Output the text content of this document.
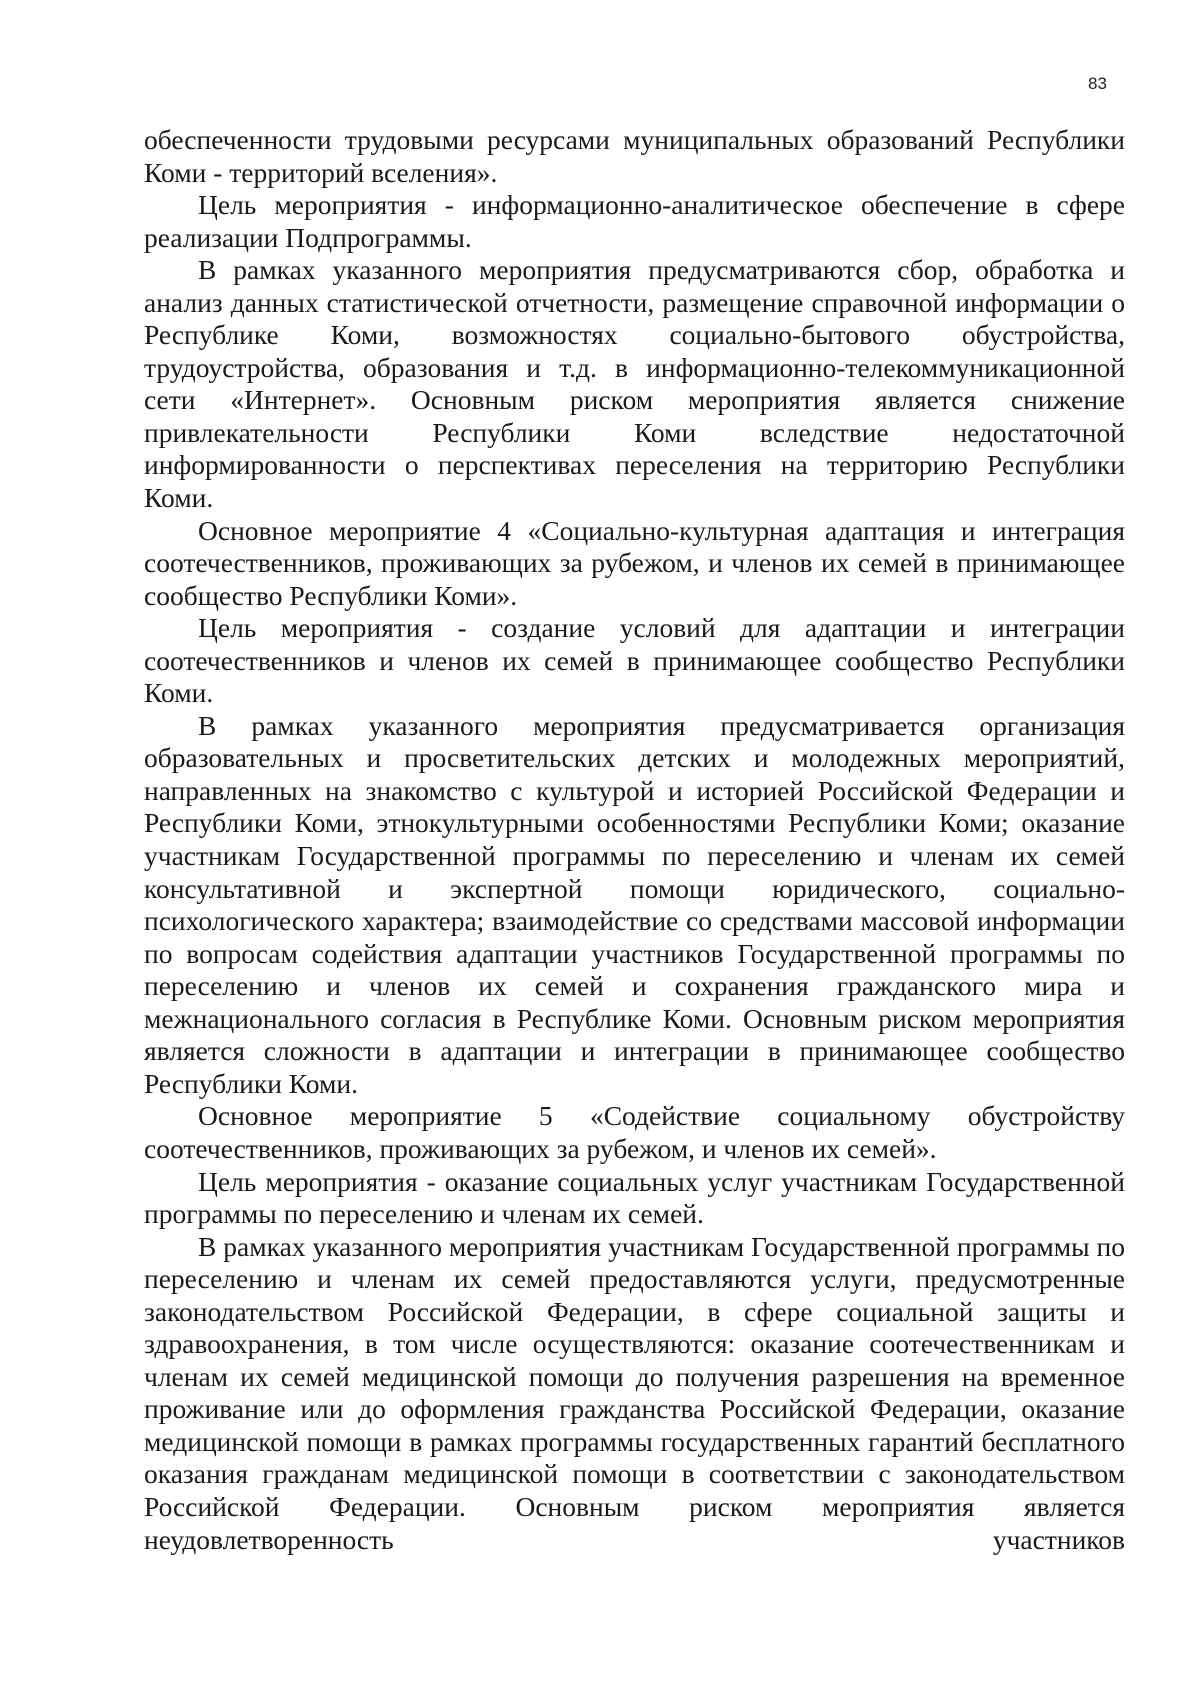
83

обеспеченности трудовыми ресурсами муниципальных образований Республики Коми - территорий вселения».

Цель мероприятия - информационно-аналитическое обеспечение в сфере реализации Подпрограммы.

В рамках указанного мероприятия предусматриваются сбор, обработка и анализ данных статистической отчетности, размещение справочной информации о Республике Коми, возможностях социально-бытового обустройства, трудоустройства, образования и т.д. в информационно-телекоммуникационной сети «Интернет». Основным риском мероприятия является снижение привлекательности Республики Коми вследствие недостаточной информированности о перспективах переселения на территорию Республики Коми.

Основное мероприятие 4 «Социально-культурная адаптация и интеграция соотечественников, проживающих за рубежом, и членов их семей в принимающее сообщество Республики Коми».

Цель мероприятия - создание условий для адаптации и интеграции соотечественников и членов их семей в принимающее сообщество Республики Коми.

В рамках указанного мероприятия предусматривается организация образовательных и просветительских детских и молодежных мероприятий, направленных на знакомство с культурой и историей Российской Федерации и Республики Коми, этнокультурными особенностями Республики Коми; оказание участникам Государственной программы по переселению и членам их семей консультативной и экспертной помощи юридического, социально-психологического характера; взаимодействие со средствами массовой информации по вопросам содействия адаптации участников Государственной программы по переселению и членов их семей и сохранения гражданского мира и межнационального согласия в Республике Коми. Основным риском мероприятия является сложности в адаптации и интеграции в принимающее сообщество Республики Коми.

Основное мероприятие 5 «Содействие социальному обустройству соотечественников, проживающих за рубежом, и членов их семей».

Цель мероприятия - оказание социальных услуг участникам Государственной программы по переселению и членам их семей.

В рамках указанного мероприятия участникам Государственной программы по переселению и членам их семей предоставляются услуги, предусмотренные законодательством Российской Федерации, в сфере социальной защиты и здравоохранения, в том числе осуществляются: оказание соотечественникам и членам их семей медицинской помощи до получения разрешения на временное проживание или до оформления гражданства Российской Федерации, оказание медицинской помощи в рамках программы государственных гарантий бесплатного оказания гражданам медицинской помощи в соответствии с законодательством Российской Федерации. Основным риском мероприятия является неудовлетворенность участников
